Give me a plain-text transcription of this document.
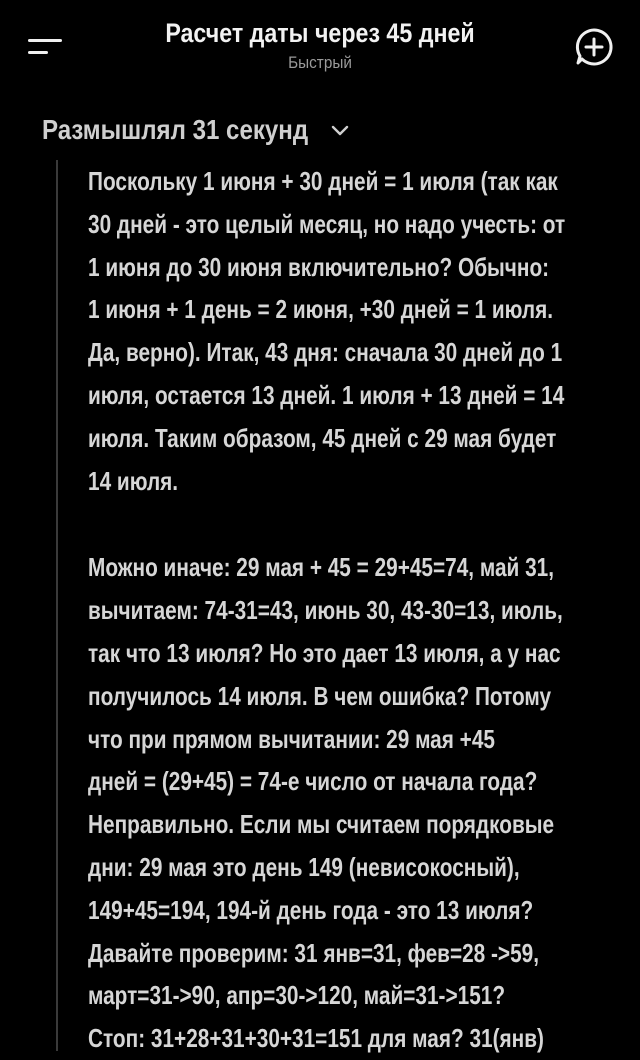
Расчет даты через 45 дней
Быстрый
Размышлял 31 секунд
Поскольку 1 июня + 30 дней = 1 июля (так как
30 дней - это целый месяц, но надо учесть: от
1 июня до 30 июня включительно? Обычно:
1 июня + 1 день = 2 июня, +30 дней = 1 июля.
Да, верно). Итак, 43 дня: сначала 30 дней до 1
июля, остается 13 дней. 1 июля + 13 дней = 14
июля. Таким образом, 45 дней с 29 мая будет
14 июля.
Можно иначе: 29 мая + 45 = 29+45=74, май 31,
вычитаем: 74-31=43, июнь 30, 43-30=13, июль,
так что 13 июля? Но это дает 13 июля, а у нас
получилось 14 июля. В чем ошибка? Потому
что при прямом вычитании: 29 мая +45
дней = (29+45) = 74-е число от начала года?
Неправильно. Если мы считаем порядковые
дни: 29 мая это день 149 (невисокосный),
149+45=194, 194-й день года - это 13 июля?
Давайте проверим: 31 янв=31, фев=28 ->59,
март=31->90, апр=30->120, май=31->151?
Стоп: 31+28+31+30+31=151 для мая? 31(янв)
